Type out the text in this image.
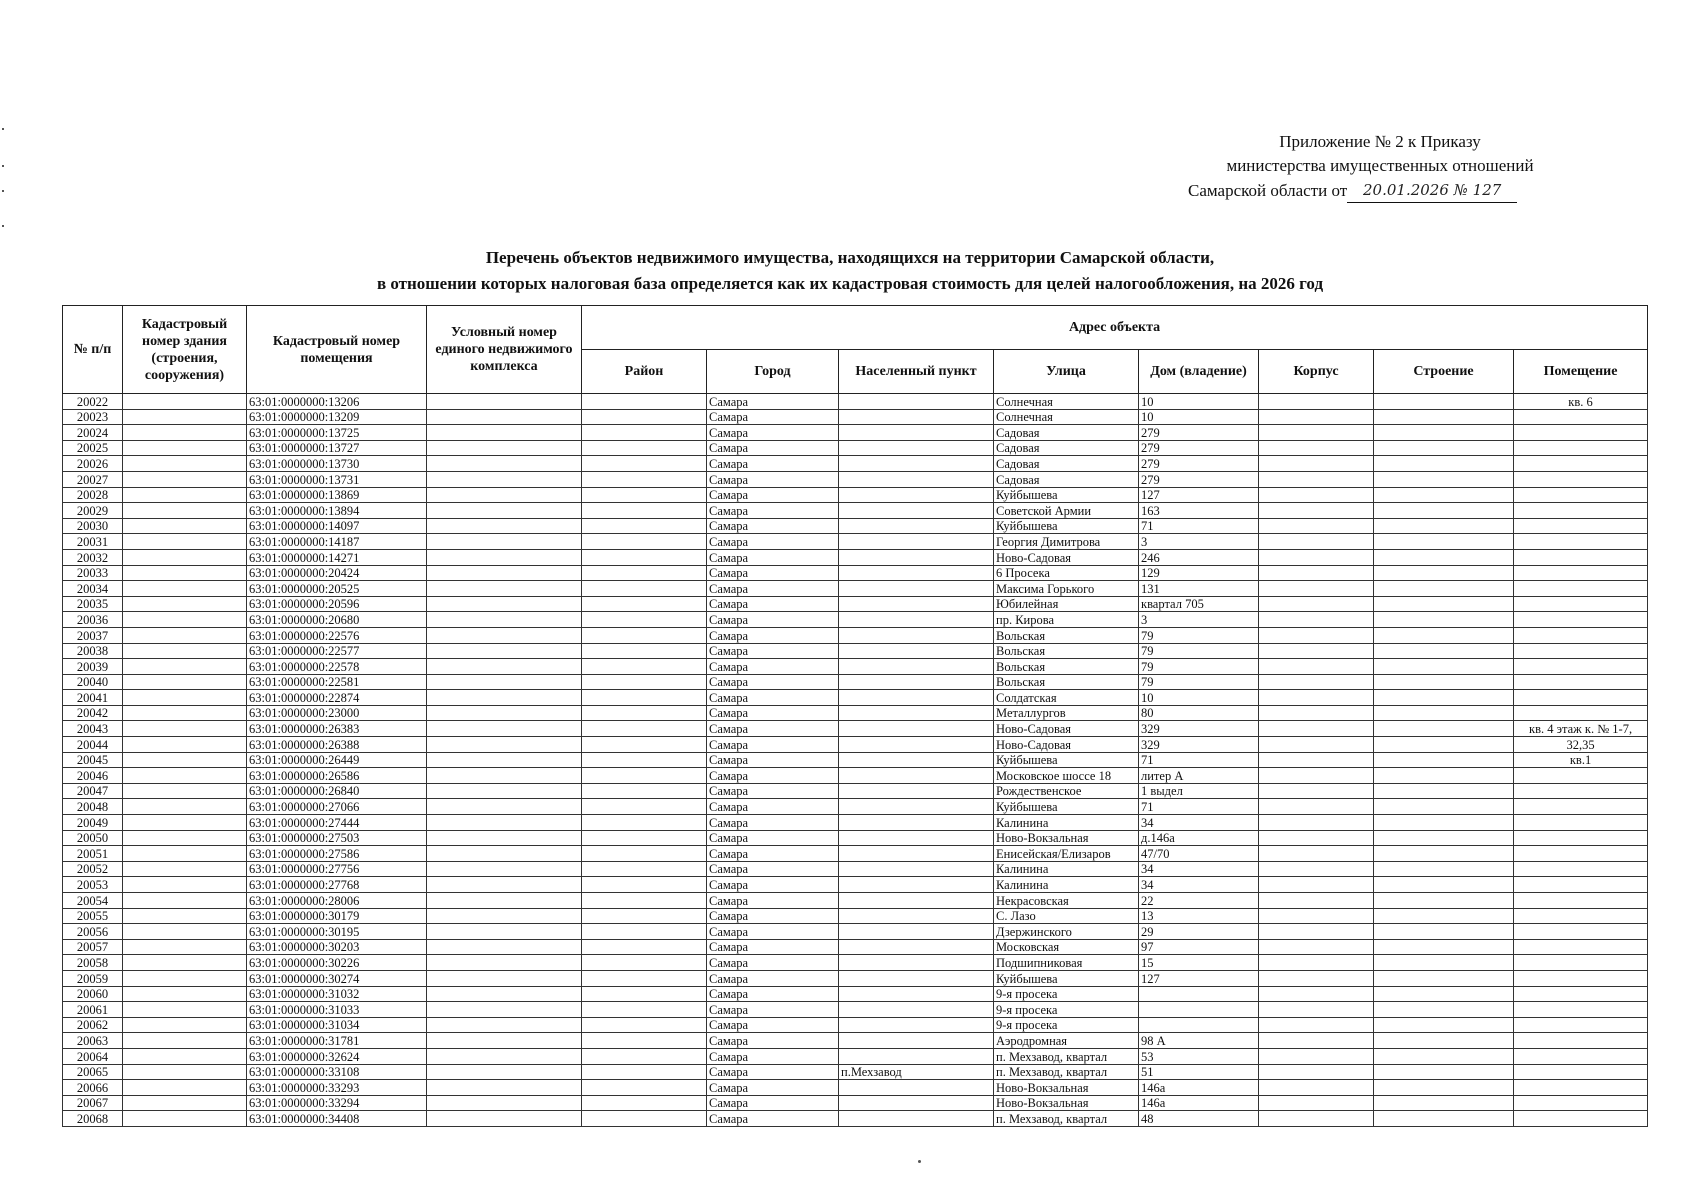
Приложение № 2 к Приказу
министерства имущественных отношений
Самарской области от 20.01.2026 № 127
Перечень объектов недвижимого имущества, находящихся на территории Самарской области,
в отношении которых налоговая база определяется как их кадастровая стоимость для целей налогообложения, на 2026 год
№ п/п	Кадастровый номер здания (строения, сооружения)	Кадастровый номер помещения	Условный номер единого недвижимого комплекса	Адрес объекта							
				Район	Город	Населенный пункт	Улица	Дом (владение)	Корпус	Строение	Помещение
20022		63:01:0000000:13206			Самара		Солнечная	10			кв. 6
20023		63:01:0000000:13209			Самара		Солнечная	10			
20024		63:01:0000000:13725			Самара		Садовая	279			
20025		63:01:0000000:13727			Самара		Садовая	279			
20026		63:01:0000000:13730			Самара		Садовая	279			
20027		63:01:0000000:13731			Самара		Садовая	279			
20028		63:01:0000000:13869			Самара		Куйбышева	127			
20029		63:01:0000000:13894			Самара		Советской Армии	163			
20030		63:01:0000000:14097			Самара		Куйбышева	71			
20031		63:01:0000000:14187			Самара		Георгия Димитрова	3			
20032		63:01:0000000:14271			Самара		Ново-Садовая	246			
20033		63:01:0000000:20424			Самара		6 Просека	129			
20034		63:01:0000000:20525			Самара		Максима Горького	131			
20035		63:01:0000000:20596			Самара		Юбилейная	квартал 705			
20036		63:01:0000000:20680			Самара		пр. Кирова	3			
20037		63:01:0000000:22576			Самара		Вольская	79			
20038		63:01:0000000:22577			Самара		Вольская	79			
20039		63:01:0000000:22578			Самара		Вольская	79			
20040		63:01:0000000:22581			Самара		Вольская	79			
20041		63:01:0000000:22874			Самара		Солдатская	10			
20042		63:01:0000000:23000			Самара		Металлургов	80			
20043		63:01:0000000:26383			Самара		Ново-Садовая	329			кв. 4 этаж к. № 1-7,
20044		63:01:0000000:26388			Самара		Ново-Садовая	329			32,35
20045		63:01:0000000:26449			Самара		Куйбышева	71			кв.1
20046		63:01:0000000:26586			Самара		Московское шоссе 18	литер А			
20047		63:01:0000000:26840			Самара		Рождественское	1 выдел			
20048		63:01:0000000:27066			Самара		Куйбышева	71			
20049		63:01:0000000:27444			Самара		Калинина	34			
20050		63:01:0000000:27503			Самара		Ново-Вокзальная	д.146а			
20051		63:01:0000000:27586			Самара		Енисейская/Елизаров	47/70			
20052		63:01:0000000:27756			Самара		Калинина	34			
20053		63:01:0000000:27768			Самара		Калинина	34			
20054		63:01:0000000:28006			Самара		Некрасовская	22			
20055		63:01:0000000:30179			Самара		С. Лазо	13			
20056		63:01:0000000:30195			Самара		Дзержинского	29			
20057		63:01:0000000:30203			Самара		Московская	97			
20058		63:01:0000000:30226			Самара		Подшипниковая	15			
20059		63:01:0000000:30274			Самара		Куйбышева	127			
20060		63:01:0000000:31032			Самара		9-я просека				
20061		63:01:0000000:31033			Самара		9-я просека				
20062		63:01:0000000:31034			Самара		9-я просека				
20063		63:01:0000000:31781			Самара		Аэродромная	98 А			
20064		63:01:0000000:32624			Самара		п. Мехзавод, квартал	53			
20065		63:01:0000000:33108			Самара	п.Мехзавод	п. Мехзавод, квартал	51			
20066		63:01:0000000:33293			Самара		Ново-Вокзальная	146а			
20067		63:01:0000000:33294			Самара		Ново-Вокзальная	146а			
20068		63:01:0000000:34408			Самара		п. Мехзавод, квартал	48			
